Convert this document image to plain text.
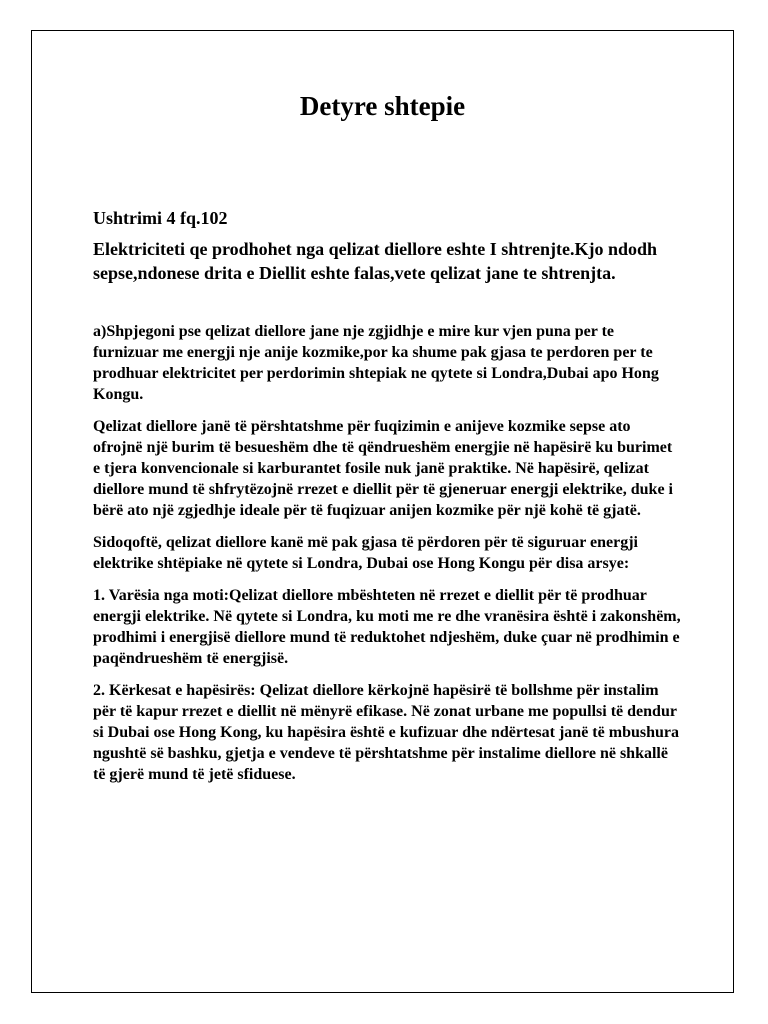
Detyre shtepie

Ushtrimi 4 fq.102

Elektriciteti qe prodhohet nga qelizat diellore eshte I shtrenjte.Kjo ndodh sepse,ndonese drita e Diellit eshte falas,vete qelizat jane te shtrenjta.

a)Shpjegoni pse qelizat diellore jane nje zgjidhje e mire kur vjen puna per te furnizuar me energji nje anije kozmike,por ka shume pak gjasa te perdoren per te prodhuar elektricitet per perdorimin shtepiak ne qytete si Londra,Dubai apo Hong Kongu.

Qelizat diellore janë të përshtatshme për fuqizimin e anijeve kozmike sepse ato ofrojnë një burim të besueshëm dhe të qëndrueshëm energjie në hapësirë ku burimet e tjera konvencionale si karburantet fosile nuk janë praktike. Në hapësirë, qelizat diellore mund të shfrytëzojnë rrezet e diellit për të gjeneruar energji elektrike, duke i bërë ato një zgjedhje ideale për të fuqizuar anijen kozmike për një kohë të gjatë.

Sidoqoftë, qelizat diellore kanë më pak gjasa të përdoren për të siguruar energji elektrike shtëpiake në qytete si Londra, Dubai ose Hong Kongu për disa arsye:

1. Varësia nga moti:Qelizat diellore mbështeten në rrezet e diellit për të prodhuar energji elektrike. Në qytete si Londra, ku moti me re dhe vranësira është i zakonshëm, prodhimi i energjisë diellore mund të reduktohet ndjeshëm, duke çuar në prodhimin e paqëndrueshëm të energjisë.

2. Kërkesat e hapësirës: Qelizat diellore kërkojnë hapësirë të bollshme për instalim për të kapur rrezet e diellit në mënyrë efikase. Në zonat urbane me popullsi të dendur si Dubai ose Hong Kong, ku hapësira është e kufizuar dhe ndërtesat janë të mbushura ngushtë së bashku, gjetja e vendeve të përshtatshme për instalime diellore në shkallë të gjerë mund të jetë sfiduese.
